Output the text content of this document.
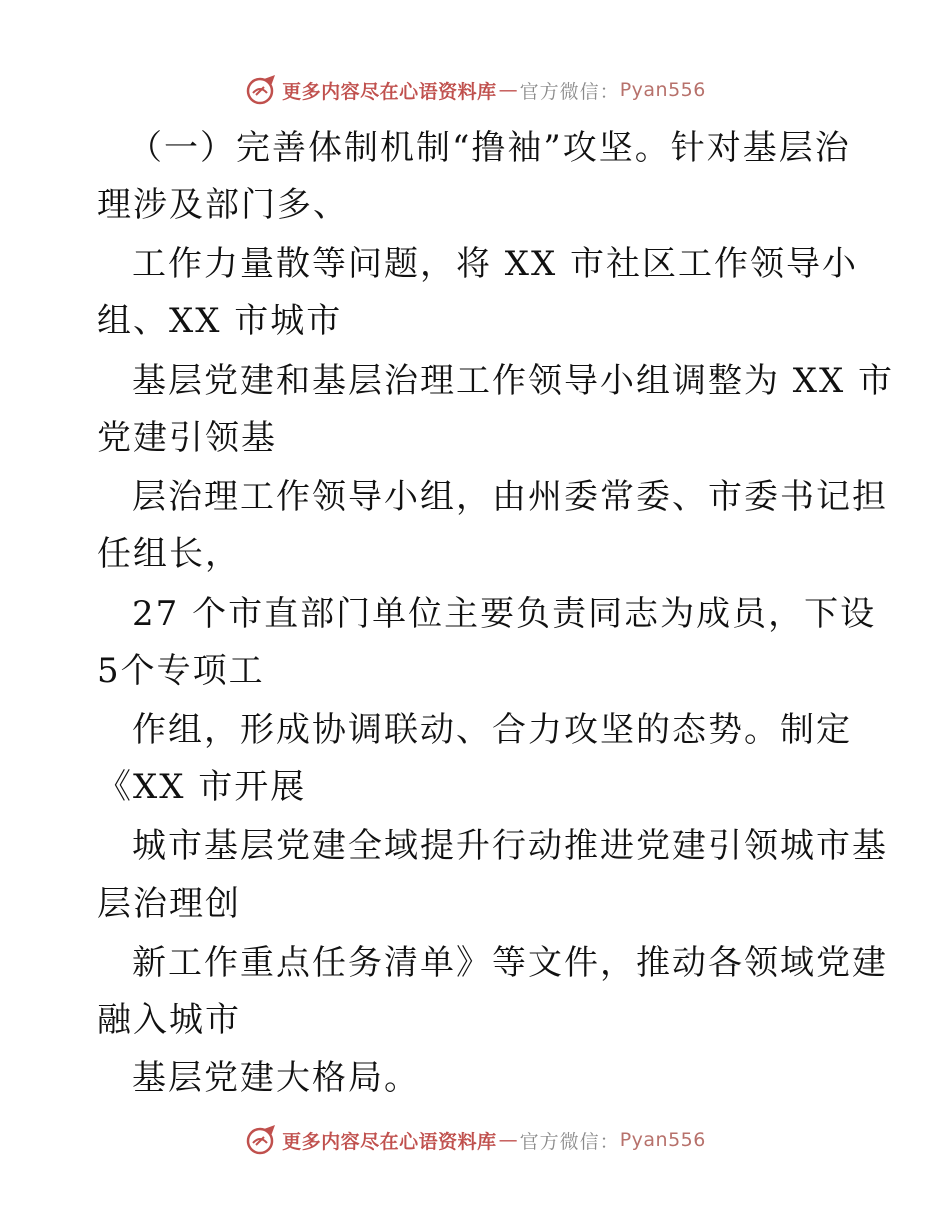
更多内容尽在心语资料库 — 官方微信： Pyan556
（一）完善体制机制“撸袖”攻坚。针对基层治
理涉及部门多、
工作力量散等问题，将 XX 市社区工作领导小
组、XX 市城市
基层党建和基层治理工作领导小组调整为 XX 市
党建引领基
层治理工作领导小组，由州委常委、市委书记担
任组长，
27 个市直部门单位主要负责同志为成员，下设
5个专项工
作组，形成协调联动、合力攻坚的态势。制定
《XX 市开展
城市基层党建全域提升行动推进党建引领城市基
层治理创
新工作重点任务清单》等文件，推动各领域党建
融入城市
基层党建大格局。
更多内容尽在心语资料库 — 官方微信： Pyan556
